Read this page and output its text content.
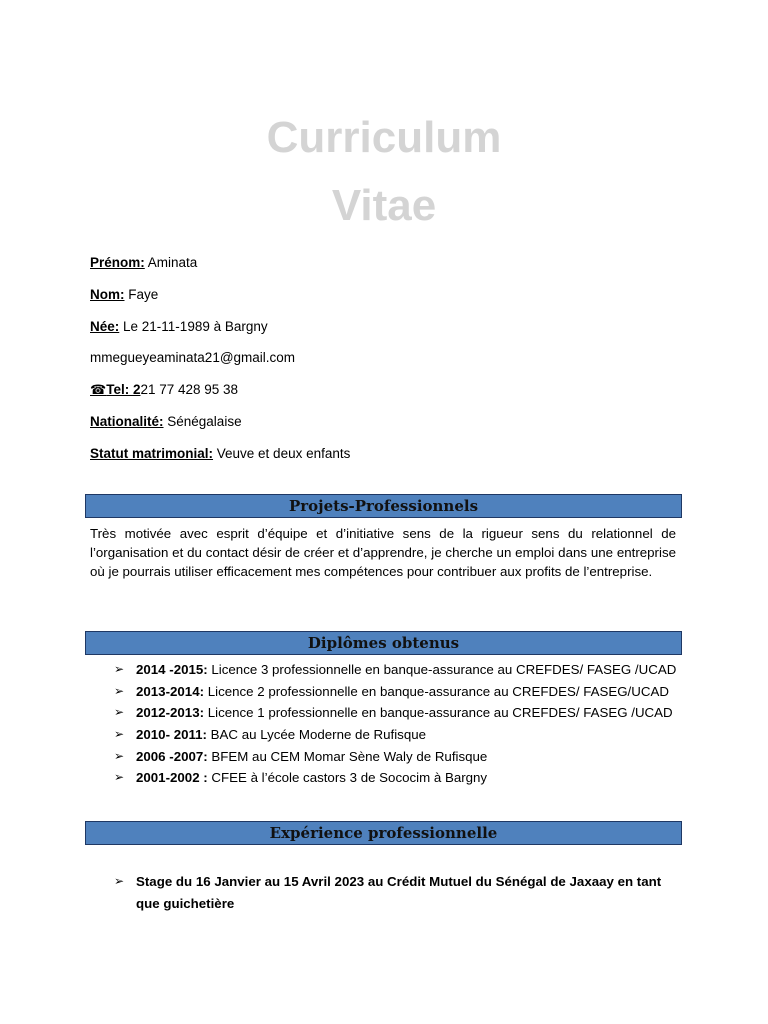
Curriculum
Vitae
Prénom: Aminata
Nom: Faye
Née: Le 21-11-1989 à Bargny
mmegueyeaminata21@gmail.com
☎Tel: 221 77 428 95 38
Nationalité: Sénégalaise
Statut matrimonial: Veuve et deux enfants
Projets-Professionnels
Très motivée avec esprit d’équipe et d’initiative sens de la rigueur sens du relationnel de l’organisation et du contact désir de créer et d’apprendre, je cherche un emploi dans une entreprise où je pourrais utiliser efficacement mes compétences pour contribuer aux profits de l’entreprise.
Diplômes obtenus
➢ 2014 -2015: Licence 3 professionnelle en banque-assurance au CREFDES/ FASEG /UCAD
➢ 2013-2014: Licence 2 professionnelle en banque-assurance au CREFDES/ FASEG/UCAD
➢ 2012-2013: Licence 1 professionnelle en banque-assurance au CREFDES/ FASEG /UCAD
➢ 2010- 2011: BAC au Lycée Moderne de Rufisque
➢ 2006 -2007: BFEM au CEM Momar Sène Waly de Rufisque
➢ 2001-2002 : CFEE à l’école castors 3 de Sococim à Bargny
Expérience professionnelle
➢ Stage du 16 Janvier au 15 Avril 2023 au Crédit Mutuel du Sénégal de Jaxaay en tant que guichetière
